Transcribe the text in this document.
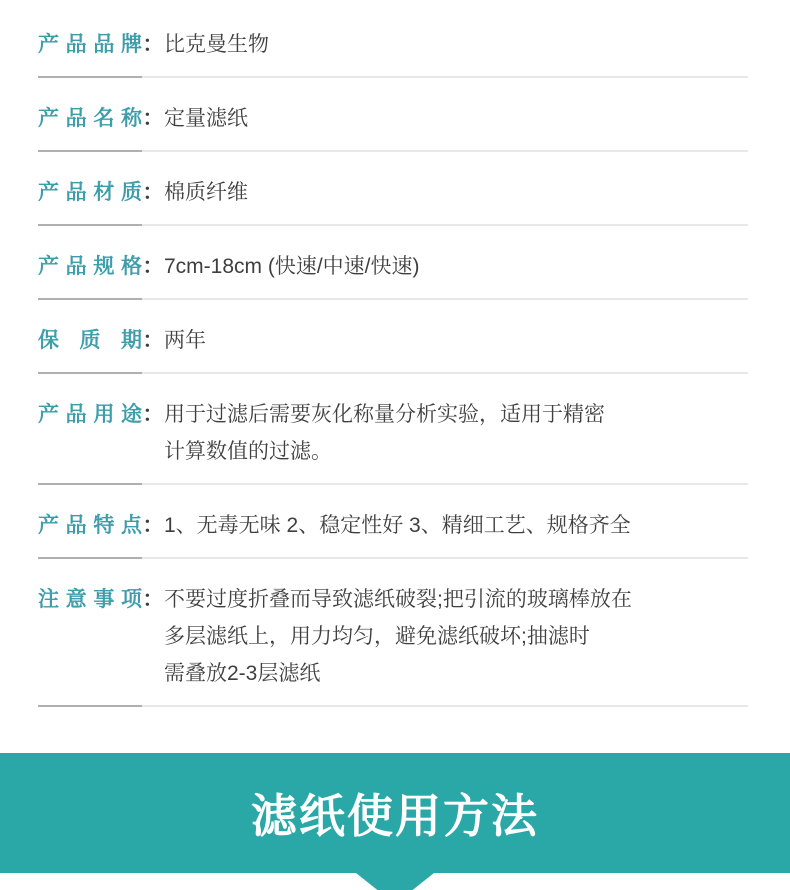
产品品牌 ： 比克曼生物
产品名称 ： 定量滤纸
产品材质 ： 棉质纤维
产品规格 ： 7cm-18cm (快速/中速/快速)
保 质 期 ： 两年
产品用途 ： 用于过滤后需要灰化称量分析实验，适用于精密
计算数值的过滤。
产品特点 ： 1、无毒无味 2、稳定性好 3、精细工艺、规格齐全
注意事项 ： 不要过度折叠而导致滤纸破裂;把引流的玻璃棒放在
多层滤纸上，用力均匀，避免滤纸破坏;抽滤时
需叠放2-3层滤纸
滤纸使用方法
